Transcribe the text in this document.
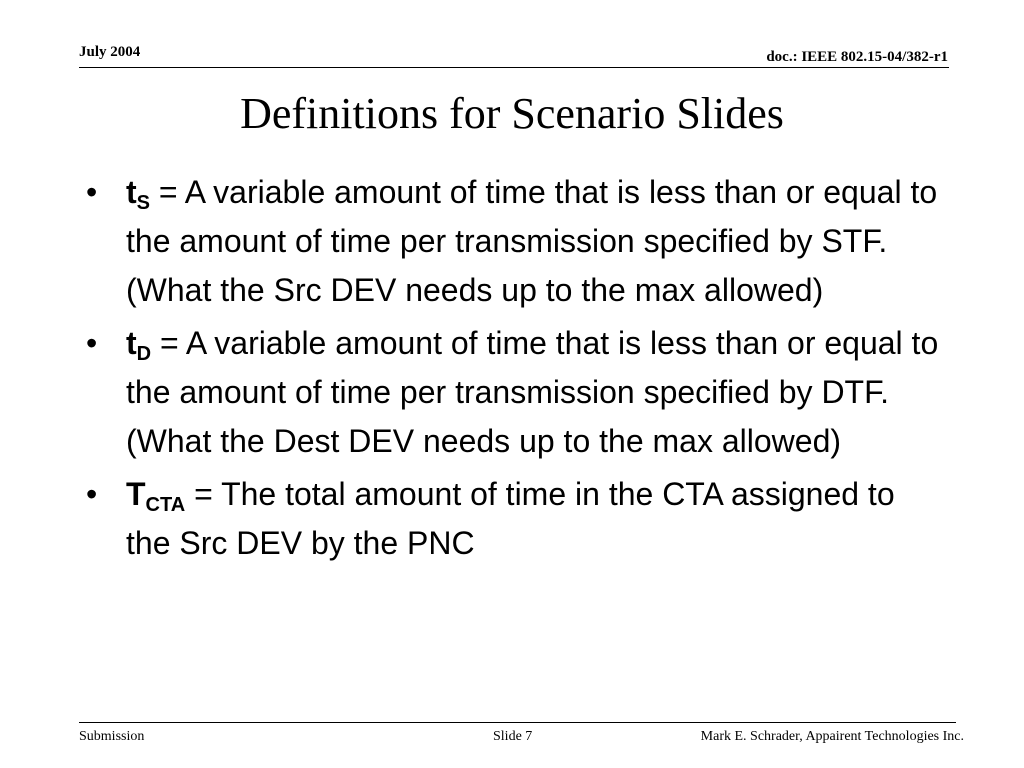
July 2004	doc.: IEEE 802.15-04/382-r1
Definitions for Scenario Slides
• $t_S = A$ variable amount of time that is less than or equal to the amount of time per transmission specified by STF. (What the Src DEV needs up to the max allowed)
• $t_D = A$ variable amount of time that is less than or equal to the amount of time per transmission specified by DTF. (What the Dest DEV needs up to the max allowed)
• $T_{CTA}$ = The total amount of time in the CTA assigned to the Src DEV by the PNC
Submission	Slide 7	Mark E. Schrader, Appairent Technologies Inc.
